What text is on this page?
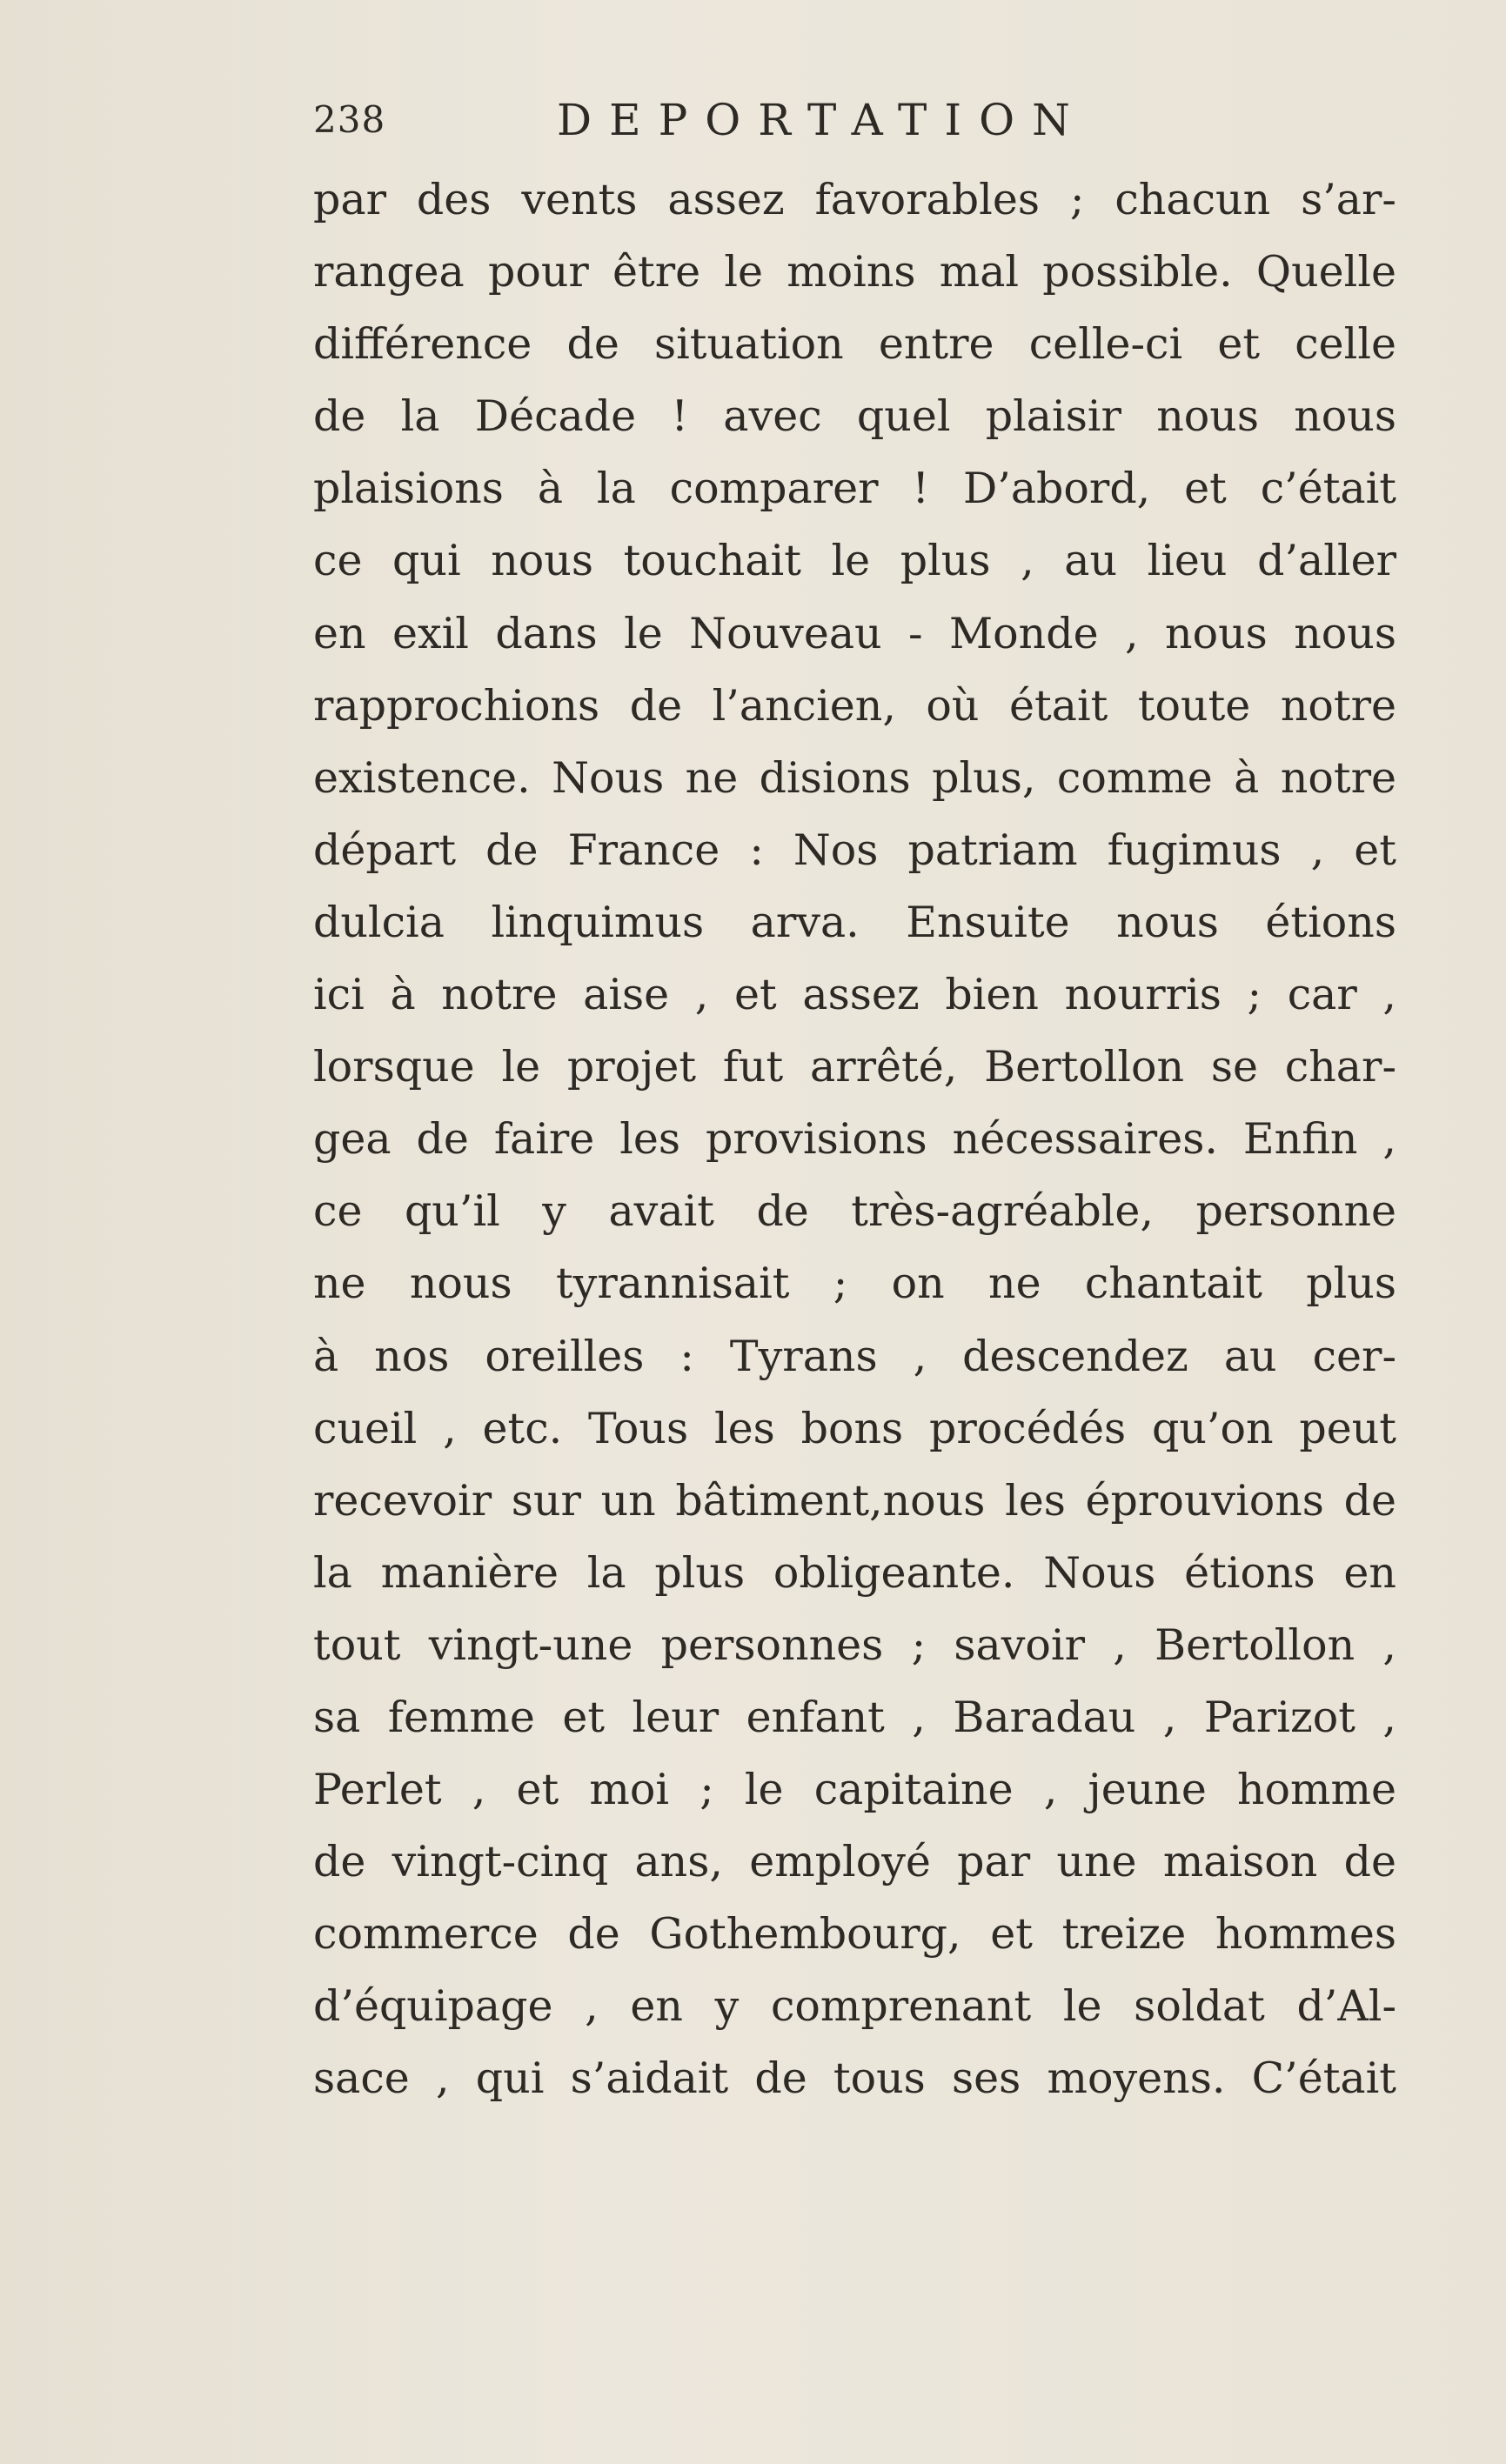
238	DEPORTATION
par des vents assez favorables ; chacun s’ar-
rangea pour être le moins mal possible. Quelle
différence de situation entre celle-ci et celle
de la Décade ! avec quel plaisir nous nous
plaisions à la comparer ! D’abord, et c’était
ce qui nous touchait le plus , au lieu d’aller
en exil dans le Nouveau - Monde , nous nous
rapprochions de l’ancien, où était toute notre
existence. Nous ne disions plus, comme à notre
départ de France : Nos patriam fugimus , et
dulcia linquimus arva. Ensuite nous étions
ici à notre aise , et assez bien nourris ; car ,
lorsque le projet fut arrêté, Bertollon se char-
gea de faire les provisions nécessaires. Enfin ,
ce qu’il y avait de très-agréable, personne
ne nous tyrannisait ; on ne chantait plus
à nos oreilles : Tyrans , descendez au cer-
cueil , etc. Tous les bons procédés qu’on peut
recevoir sur un bâtiment,nous les éprouvions de
la manière la plus obligeante. Nous étions en
tout vingt-une personnes ; savoir , Bertollon ,
sa femme et leur enfant , Baradau , Parizot ,
Perlet , et moi ; le capitaine , jeune homme
de vingt-cinq ans, employé par une maison de
commerce de Gothembourg, et treize hommes
d’équipage , en y comprenant le soldat d’Al-
sace , qui s’aidait de tous ses moyens. C’était
